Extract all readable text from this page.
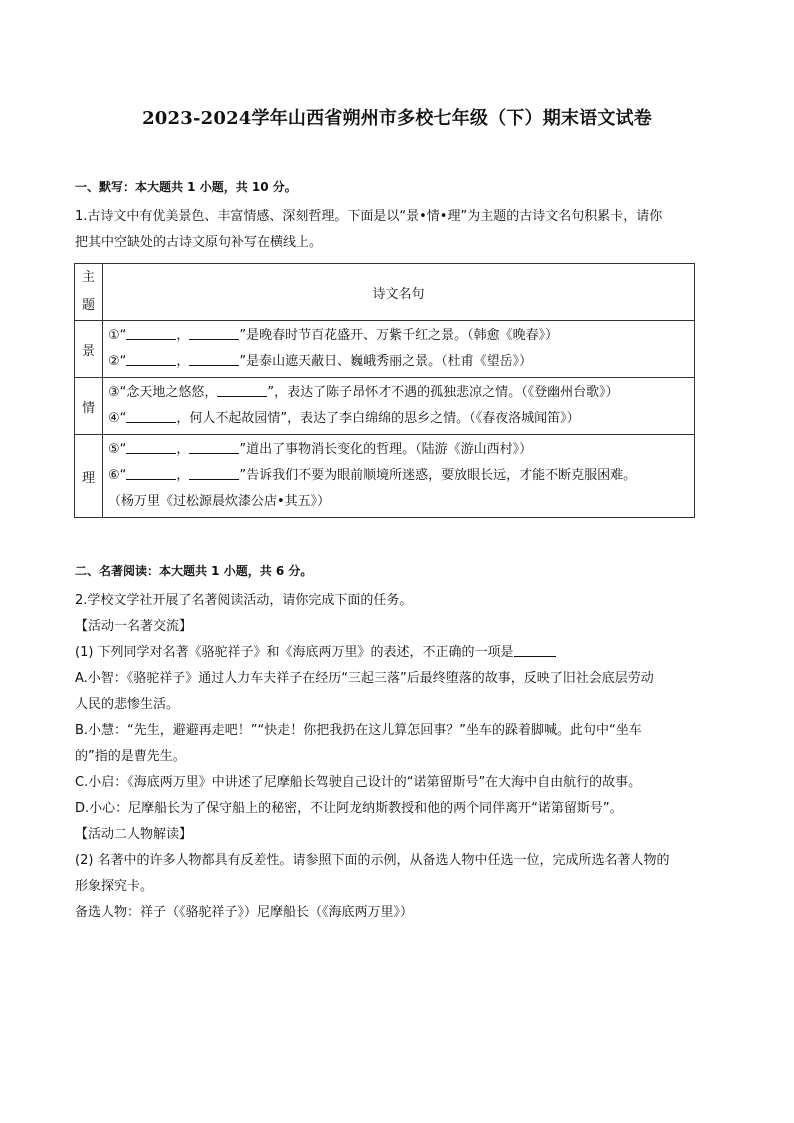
2023-2024学年山西省朔州市多校七年级（下）期末语文试卷
一、默写：本大题共 1 小题，共 10 分。
1.古诗文中有优美景色、丰富情感、深刻哲理。下面是以“景•情•理”为主题的古诗文名句积累卡，请你
把其中空缺处的古诗文原句补写在横线上。
主
题	诗文名句
景	①“ ， ”是晚春时节百花盛开、万紫千红之景。（韩愈《晚春》）
②“ ， ”是泰山遮天蔽日、巍峨秀丽之景。（杜甫《望岳》）

情	③“念天地之悠悠， ”，表达了陈子昂怀才不遇的孤独悲凉之情。（《登幽州台歌》）
④“ ，何人不起故园情”，表达了李白绵绵的思乡之情。（《春夜洛城闻笛》）

理	⑤“ ， ”道出了事物消长变化的哲理。（陆游《游山西村》）
⑥“ ， ”告诉我们不要为眼前顺境所迷惑，要放眼长远，才能不断克服困难。
（杨万里《过松源晨炊漆公店•其五》）
二、名著阅读：本大题共 1 小题，共 6 分。
2.学校文学社开展了名著阅读活动，请你完成下面的任务。
【活动一名著交流】
(1) 下列同学对名著《骆驼祥子》和《海底两万里》的表述，不正确的一项是
A.小智：《骆驼祥子》通过人力车夫祥子在经历“三起三落”后最终堕落的故事，反映了旧社会底层劳动
人民的悲惨生活。
B.小慧：“先生，避避再走吧！”“快走！你把我扔在这儿算怎回事？”坐车的跺着脚喊。此句中“坐车
的”指的是曹先生。
C.小启：《海底两万里》中讲述了尼摩船长驾驶自己设计的“诺第留斯号”在大海中自由航行的故事。
D.小心：尼摩船长为了保守船上的秘密，不让阿龙纳斯教授和他的两个同伴离开“诺第留斯号”。
【活动二人物解读】
(2) 名著中的许多人物都具有反差性。请参照下面的示例，从备选人物中任选一位，完成所选名著人物的
形象探究卡。
备选人物：祥子（《骆驼祥子》）尼摩船长（《海底两万里》）
